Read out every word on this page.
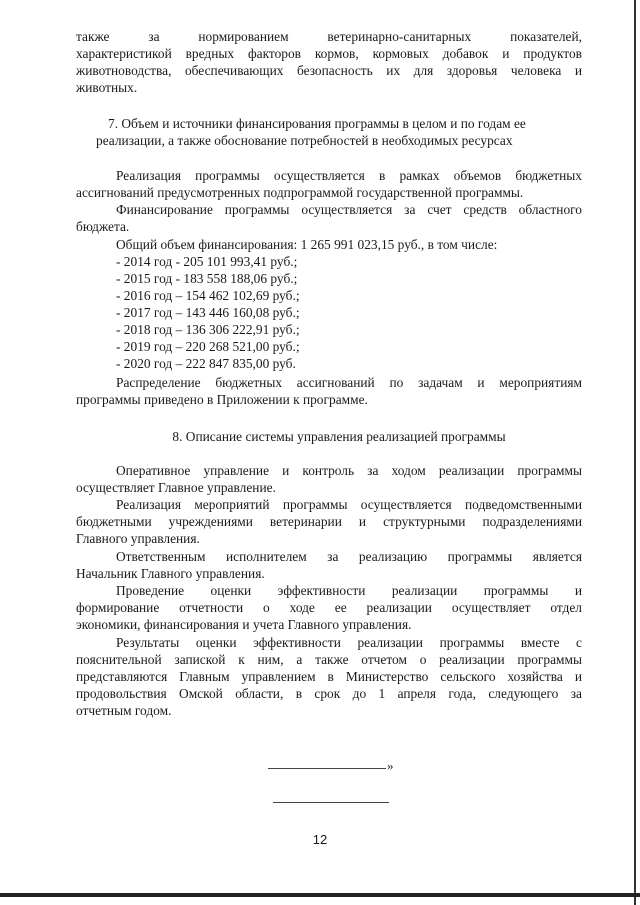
также за нормированием ветеринарно-санитарных показателей,
характеристикой вредных факторов кормов, кормовых добавок и продуктов
животноводства, обеспечивающих безопасность их для здоровья человека и
животных.
7. Объем и источники финансирования программы в целом и по годам ее
реализации, а также обоснование потребностей в необходимых ресурсах
Реализация программы осуществляется в рамках объемов бюджетных
ассигнований предусмотренных подпрограммой государственной программы.
Финансирование программы осуществляется за счет средств областного
бюджета.
Общий объем финансирования: 1 265 991 023,15 руб., в том числе:
- 2014 год - 205 101 993,41 руб.;
- 2015 год - 183 558 188,06 руб.;
- 2016 год – 154 462 102,69 руб.;
- 2017 год – 143 446 160,08 руб.;
- 2018 год – 136 306 222,91 руб.;
- 2019 год – 220 268 521,00 руб.;
- 2020 год – 222 847 835,00 руб.
Распределение бюджетных ассигнований по задачам и мероприятиям
программы приведено в Приложении к программе.
8. Описание системы управления реализацией программы
Оперативное управление и контроль за ходом реализации программы
осуществляет Главное управление.
Реализация мероприятий программы осуществляется подведомственными
бюджетными учреждениями ветеринарии и структурными подразделениями
Главного управления.
Ответственным исполнителем за реализацию программы является
Начальник Главного управления.
Проведение оценки эффективности реализации программы и
формирование отчетности о ходе ее реализации осуществляет отдел
экономики, финансирования и учета Главного управления.
Результаты оценки эффективности реализации программы вместе с
пояснительной запиской к ним, а также отчетом о реализации программы
представляются Главным управлением в Министерство сельского хозяйства и
продовольствия Омской области, в срок до 1 апреля года, следующего за
отчетным годом.
»
12
